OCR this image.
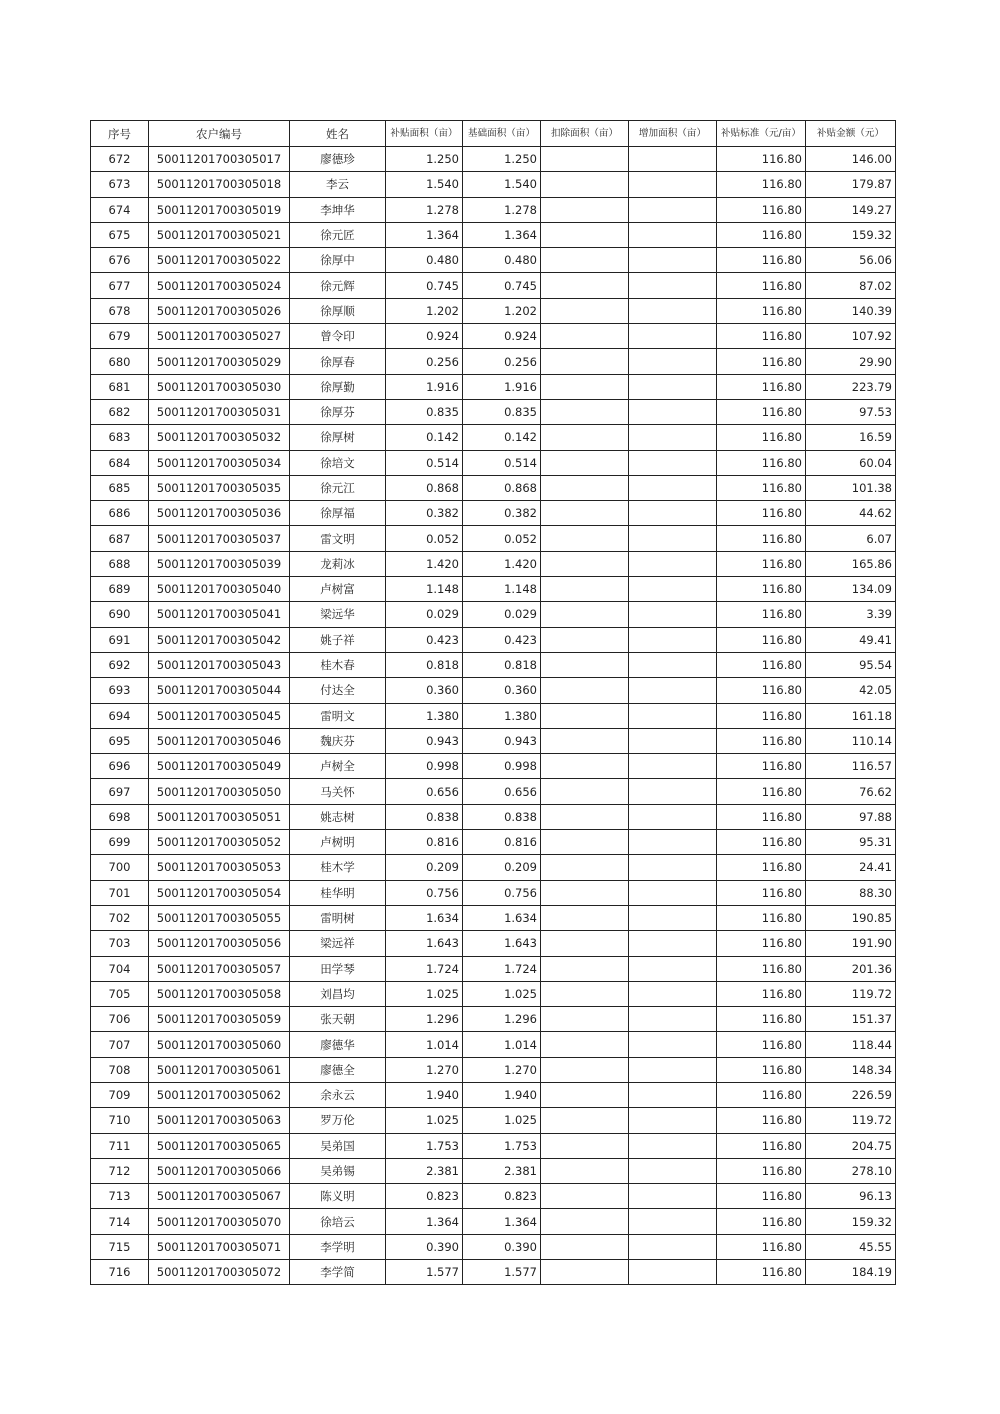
序号	农户编号	姓名	补贴面积（亩）	基础面积（亩）	扣除面积（亩）	增加面积（亩）	补贴标准（元/亩）	补贴金额（元）
672	50011201700305017	廖德珍	1.250	1.250			116.80	146.00
673	50011201700305018	李云	1.540	1.540			116.80	179.87
674	50011201700305019	李坤华	1.278	1.278			116.80	149.27
675	50011201700305021	徐元匠	1.364	1.364			116.80	159.32
676	50011201700305022	徐厚中	0.480	0.480			116.80	56.06
677	50011201700305024	徐元辉	0.745	0.745			116.80	87.02
678	50011201700305026	徐厚顺	1.202	1.202			116.80	140.39
679	50011201700305027	曾令印	0.924	0.924			116.80	107.92
680	50011201700305029	徐厚春	0.256	0.256			116.80	29.90
681	50011201700305030	徐厚勤	1.916	1.916			116.80	223.79
682	50011201700305031	徐厚芬	0.835	0.835			116.80	97.53
683	50011201700305032	徐厚树	0.142	0.142			116.80	16.59
684	50011201700305034	徐培文	0.514	0.514			116.80	60.04
685	50011201700305035	徐元江	0.868	0.868			116.80	101.38
686	50011201700305036	徐厚福	0.382	0.382			116.80	44.62
687	50011201700305037	雷文明	0.052	0.052			116.80	6.07
688	50011201700305039	龙莉冰	1.420	1.420			116.80	165.86
689	50011201700305040	卢树富	1.148	1.148			116.80	134.09
690	50011201700305041	梁远华	0.029	0.029			116.80	3.39
691	50011201700305042	姚子祥	0.423	0.423			116.80	49.41
692	50011201700305043	桂木春	0.818	0.818			116.80	95.54
693	50011201700305044	付达全	0.360	0.360			116.80	42.05
694	50011201700305045	雷明文	1.380	1.380			116.80	161.18
695	50011201700305046	魏庆芬	0.943	0.943			116.80	110.14
696	50011201700305049	卢树全	0.998	0.998			116.80	116.57
697	50011201700305050	马关怀	0.656	0.656			116.80	76.62
698	50011201700305051	姚志树	0.838	0.838			116.80	97.88
699	50011201700305052	卢树明	0.816	0.816			116.80	95.31
700	50011201700305053	桂木学	0.209	0.209			116.80	24.41
701	50011201700305054	桂华明	0.756	0.756			116.80	88.30
702	50011201700305055	雷明树	1.634	1.634			116.80	190.85
703	50011201700305056	梁远祥	1.643	1.643			116.80	191.90
704	50011201700305057	田学琴	1.724	1.724			116.80	201.36
705	50011201700305058	刘昌均	1.025	1.025			116.80	119.72
706	50011201700305059	张天朝	1.296	1.296			116.80	151.37
707	50011201700305060	廖德华	1.014	1.014			116.80	118.44
708	50011201700305061	廖德全	1.270	1.270			116.80	148.34
709	50011201700305062	余永云	1.940	1.940			116.80	226.59
710	50011201700305063	罗万伦	1.025	1.025			116.80	119.72
711	50011201700305065	吴弟国	1.753	1.753			116.80	204.75
712	50011201700305066	吴弟锡	2.381	2.381			116.80	278.10
713	50011201700305067	陈义明	0.823	0.823			116.80	96.13
714	50011201700305070	徐培云	1.364	1.364			116.80	159.32
715	50011201700305071	李学明	0.390	0.390			116.80	45.55
716	50011201700305072	李学简	1.577	1.577			116.80	184.19
